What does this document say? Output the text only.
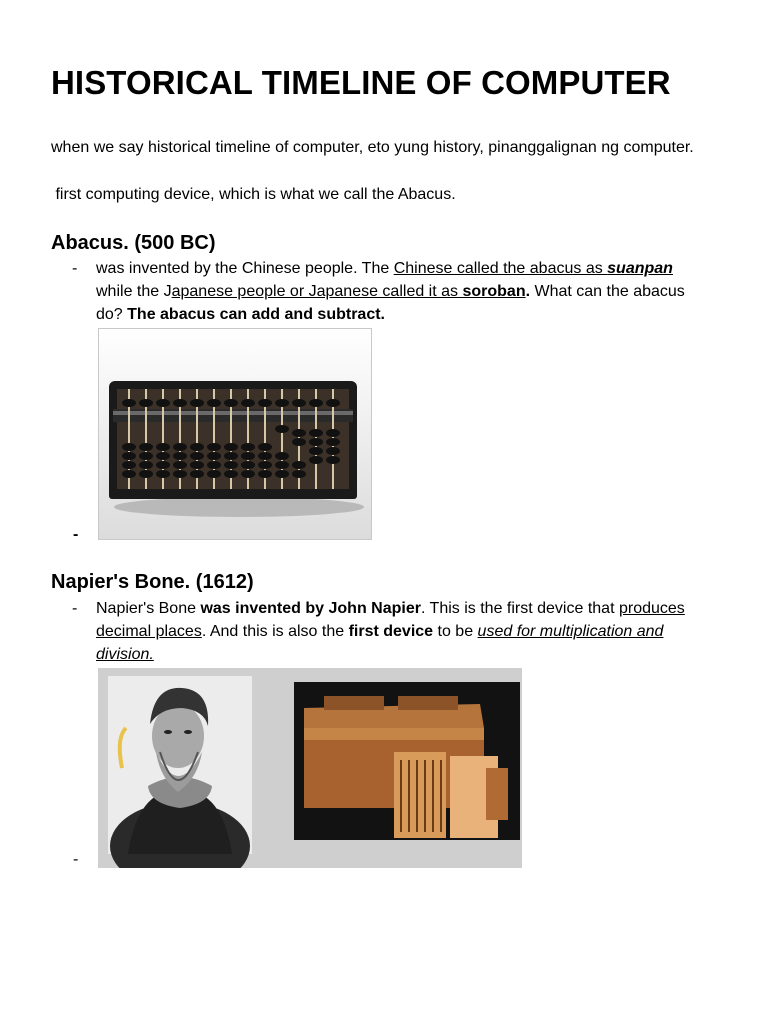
HISTORICAL TIMELINE OF COMPUTER

when we say historical timeline of computer, eto yung history, pinanggalignan ng computer.

first computing device, which is what we call the Abacus.

Abacus. (500 BC)
- was invented by the Chinese people. The Chinese called the abacus as suanpan
while the Japanese people or Japanese called it as soroban. What can the abacus
do? The abacus can add and subtract.
-
Napier's Bone. (1612)
- Napier's Bone was invented by John Napier. This is the first device that produces
decimal places. And this is also the first device to be used for multiplication and
division.
-
